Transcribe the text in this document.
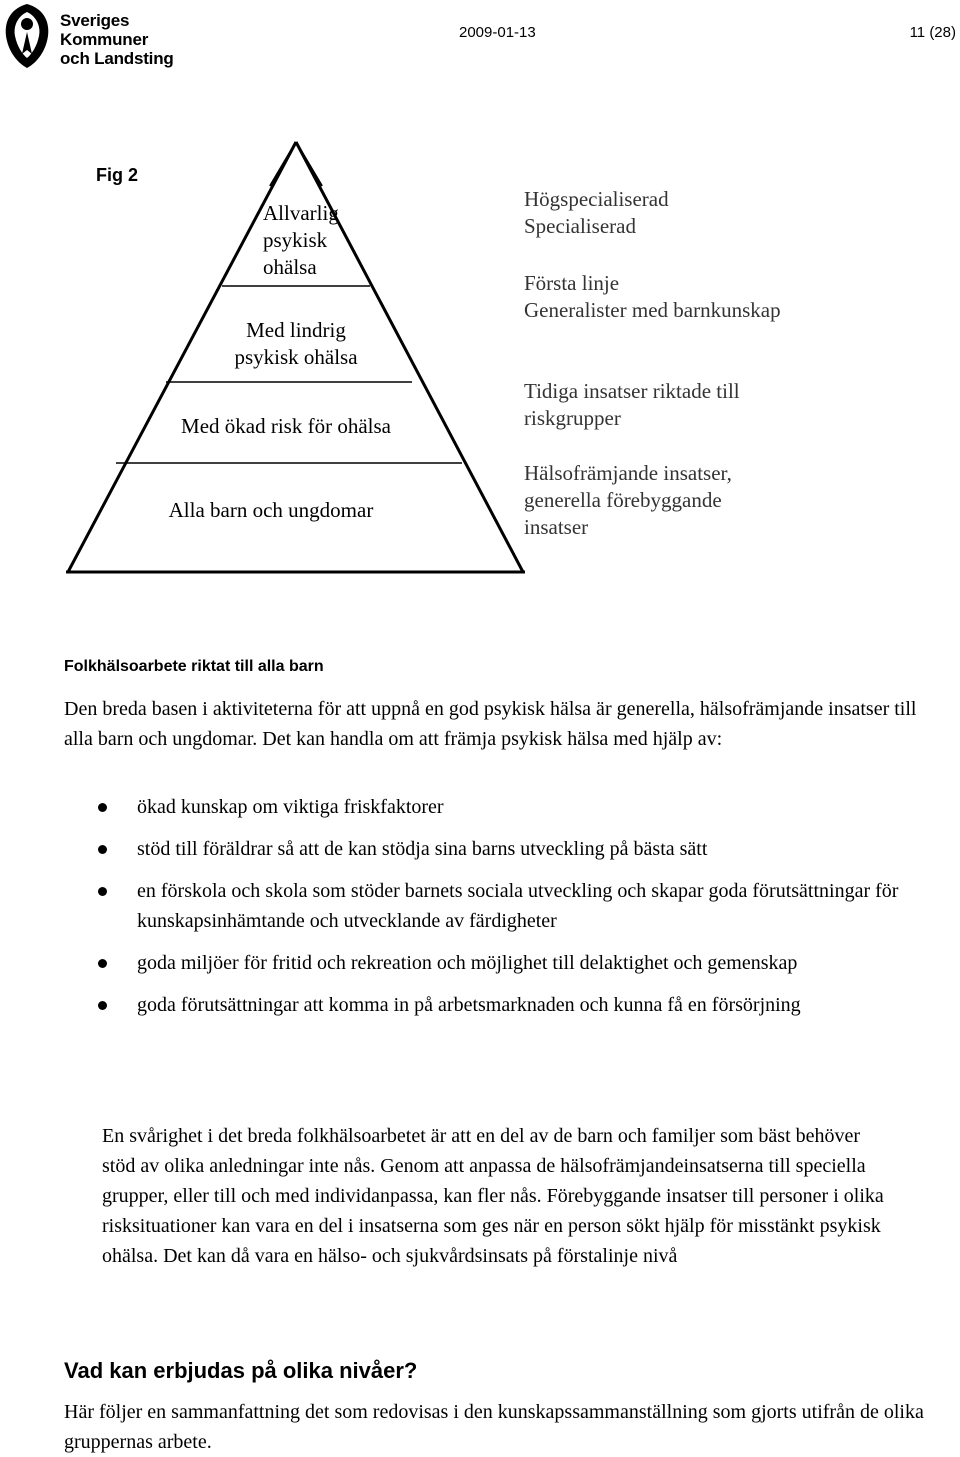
Sveriges
Kommuner
och Landsting
2009-01-13	11 (28)
Fig 2
Allvarlig
psykisk
ohälsa
Med lindrig
psykisk ohälsa
Med ökad risk för ohälsa
Alla barn och ungdomar
Högspecialiserad
Specialiserad
Första linje
Generalister med barnkunskap
Tidiga insatser riktade till
riskgrupper
Hälsofrämjande insatser,
generella förebyggande
insatser
Folkhälsoarbete riktat till alla barn
Den breda basen i aktiviteterna för att uppnå en god psykisk hälsa är generella, hälsofrämjande insatser till alla barn och ungdomar. Det kan handla om att främja psykisk hälsa med hjälp av:
ökad kunskap om viktiga friskfaktorer
stöd till föräldrar så att de kan stödja sina barns utveckling på bästa sätt
en förskola och skola som stöder barnets sociala utveckling och skapar goda förutsättningar för kunskapsinhämtande och utvecklande av färdigheter
goda miljöer för fritid och rekreation och möjlighet till delaktighet och gemenskap
goda förutsättningar att komma in på arbetsmarknaden och kunna få en försörjning
En svårighet i det breda folkhälsoarbetet är att en del av de barn och familjer som bäst behöver stöd av olika anledningar inte nås. Genom att anpassa de hälsofrämjandeinsatserna till speciella grupper, eller till och med individanpassa, kan fler nås. Förebyggande insatser till personer i olika risksituationer kan vara en del i insatserna som ges när en person sökt hjälp för misstänkt psykisk ohälsa. Det kan då vara en hälso- och sjukvårdsinsats på förstalinje nivå
Vad kan erbjudas på olika nivåer?
Här följer en sammanfattning det som redovisas i den kunskapssammanställning som gjorts utifrån de olika gruppernas arbete.
